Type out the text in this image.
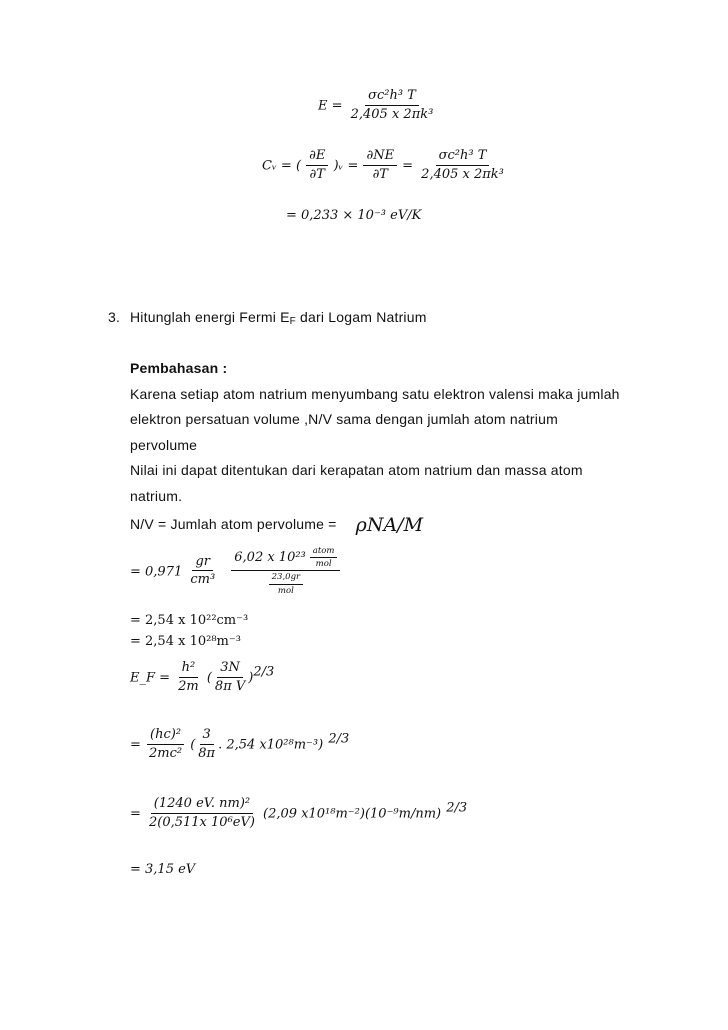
$E = \frac{\text{σc²h³ T}}{\text{2,405 x 2πk³}}$
Cᵥ = ( $\frac{\partial E}{\partial T}$ )ᵥ = $\frac{\partial NE}{\partial T} = \frac{\text{σc²h³ T}}{\text{2,405 x 2πk³}}$
= 0,233 × 10⁻³ eV/K
3. Hitunglah energi Fermi $E_F$ dari Logam Natrium
Pembahasan :
Karena setiap atom natrium menyumbang satu elektron valensi maka jumlah
elektron persatuan volume ,N/V sama dengan jumlah atom natrium
pervolume
Nilai ini dapat ditentukan dari kerapatan atom natrium dan massa atom
natrium.
N/V = Jumlah atom pervolume = ρNA/M
= $0,971 \frac{gr}{\text{cm³}}$
$\frac{6,02 x 10^{23} \frac{\text{atom}}{\text{mol}}}{\frac{23,0gr}{\text{mol}}}$
= 2,54 x 10²²cm⁻³
= 2,54 x 10²⁸m⁻³
E_F = $\frac{\text{h²}}{2m}$ ( $\frac{3N}{\text{8π V}} )^{2/3}$
= $\frac{\text{(hc)²}}{\text{2mc²}}$ ( $\frac{3}{8\pi}$ . 2,54 x10²⁸m⁻³) $^{2/3}$
= $\frac{\text{(1240 eV. nm)²}}{\text{2(0,511x 10⁶eV)}} (2,09$ x10¹⁸m⁻²)(10⁻⁹m/nm) $^{2/3}$
= 3,15 eV
